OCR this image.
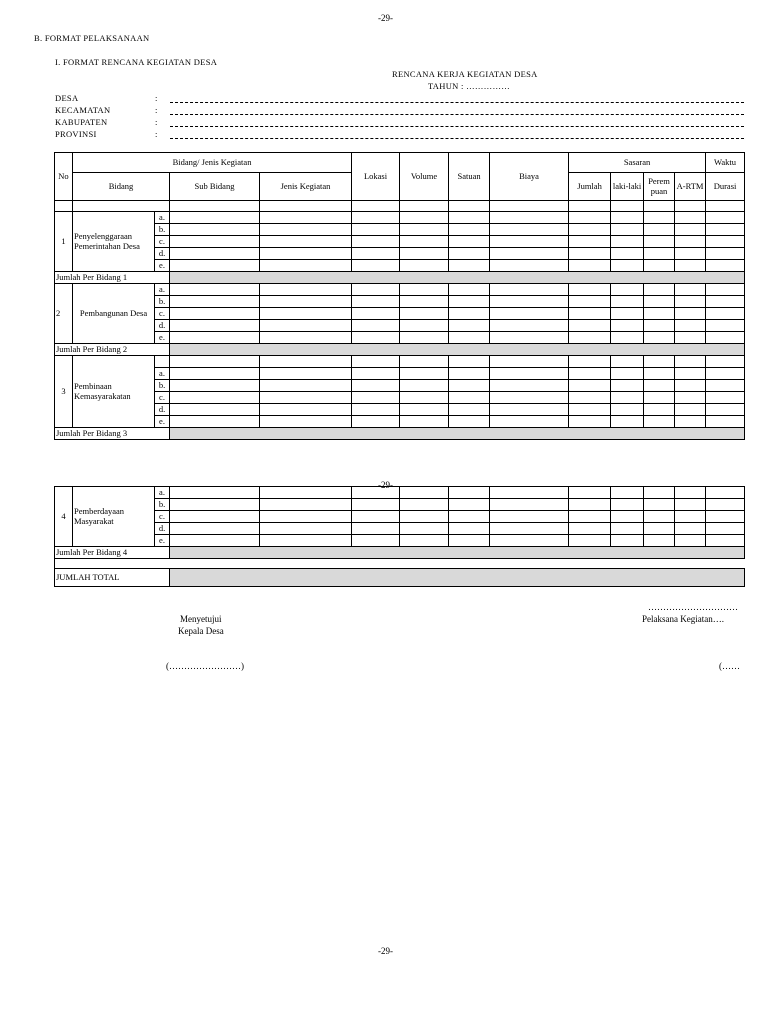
-29-
B. FORMAT PELAKSANAAN
I. FORMAT RENCANA KEGIATAN DESA
RENCANA KERJA KEGIATAN DESA
TAHUN : ……………
DESA	:
KECAMATAN	:
KABUPATEN	:
PROVINSI	:
No	Bidang/ Jenis Kegiatan				Lokasi	Volume	Satuan	Biaya	Sasaran				Waktu
	Bidang		Sub Bidang	Jenis Kegiatan					Jumlah	laki-laki	Perem puan	A-RTM	Durasi

1	Penyelenggaraan Pemerintahan Desa	a.											
		b.											
		c.											
		d.											
		e.											
Jumlah Per Bidang 1													
2	Pembangunan Desa	a.											
		b.											
		c.											
		d.											
		e.											
Jumlah Per Bidang 2													
3	Pembinaan Kemasyarakatan												
		a.											
		b.											
		c.											
		d.											
		e.											
Jumlah Per Bidang 3													
-29-
4	Pemberdayaan Masyarakat	a.											
		b.											
		c.											
		d.											
		e.											
Jumlah Per Bidang 4													

JUMLAH TOTAL													
Menyetujui
Kepala Desa
(……………………)
…………………………
Pelaksana Kegiatan….
(……
-29-
